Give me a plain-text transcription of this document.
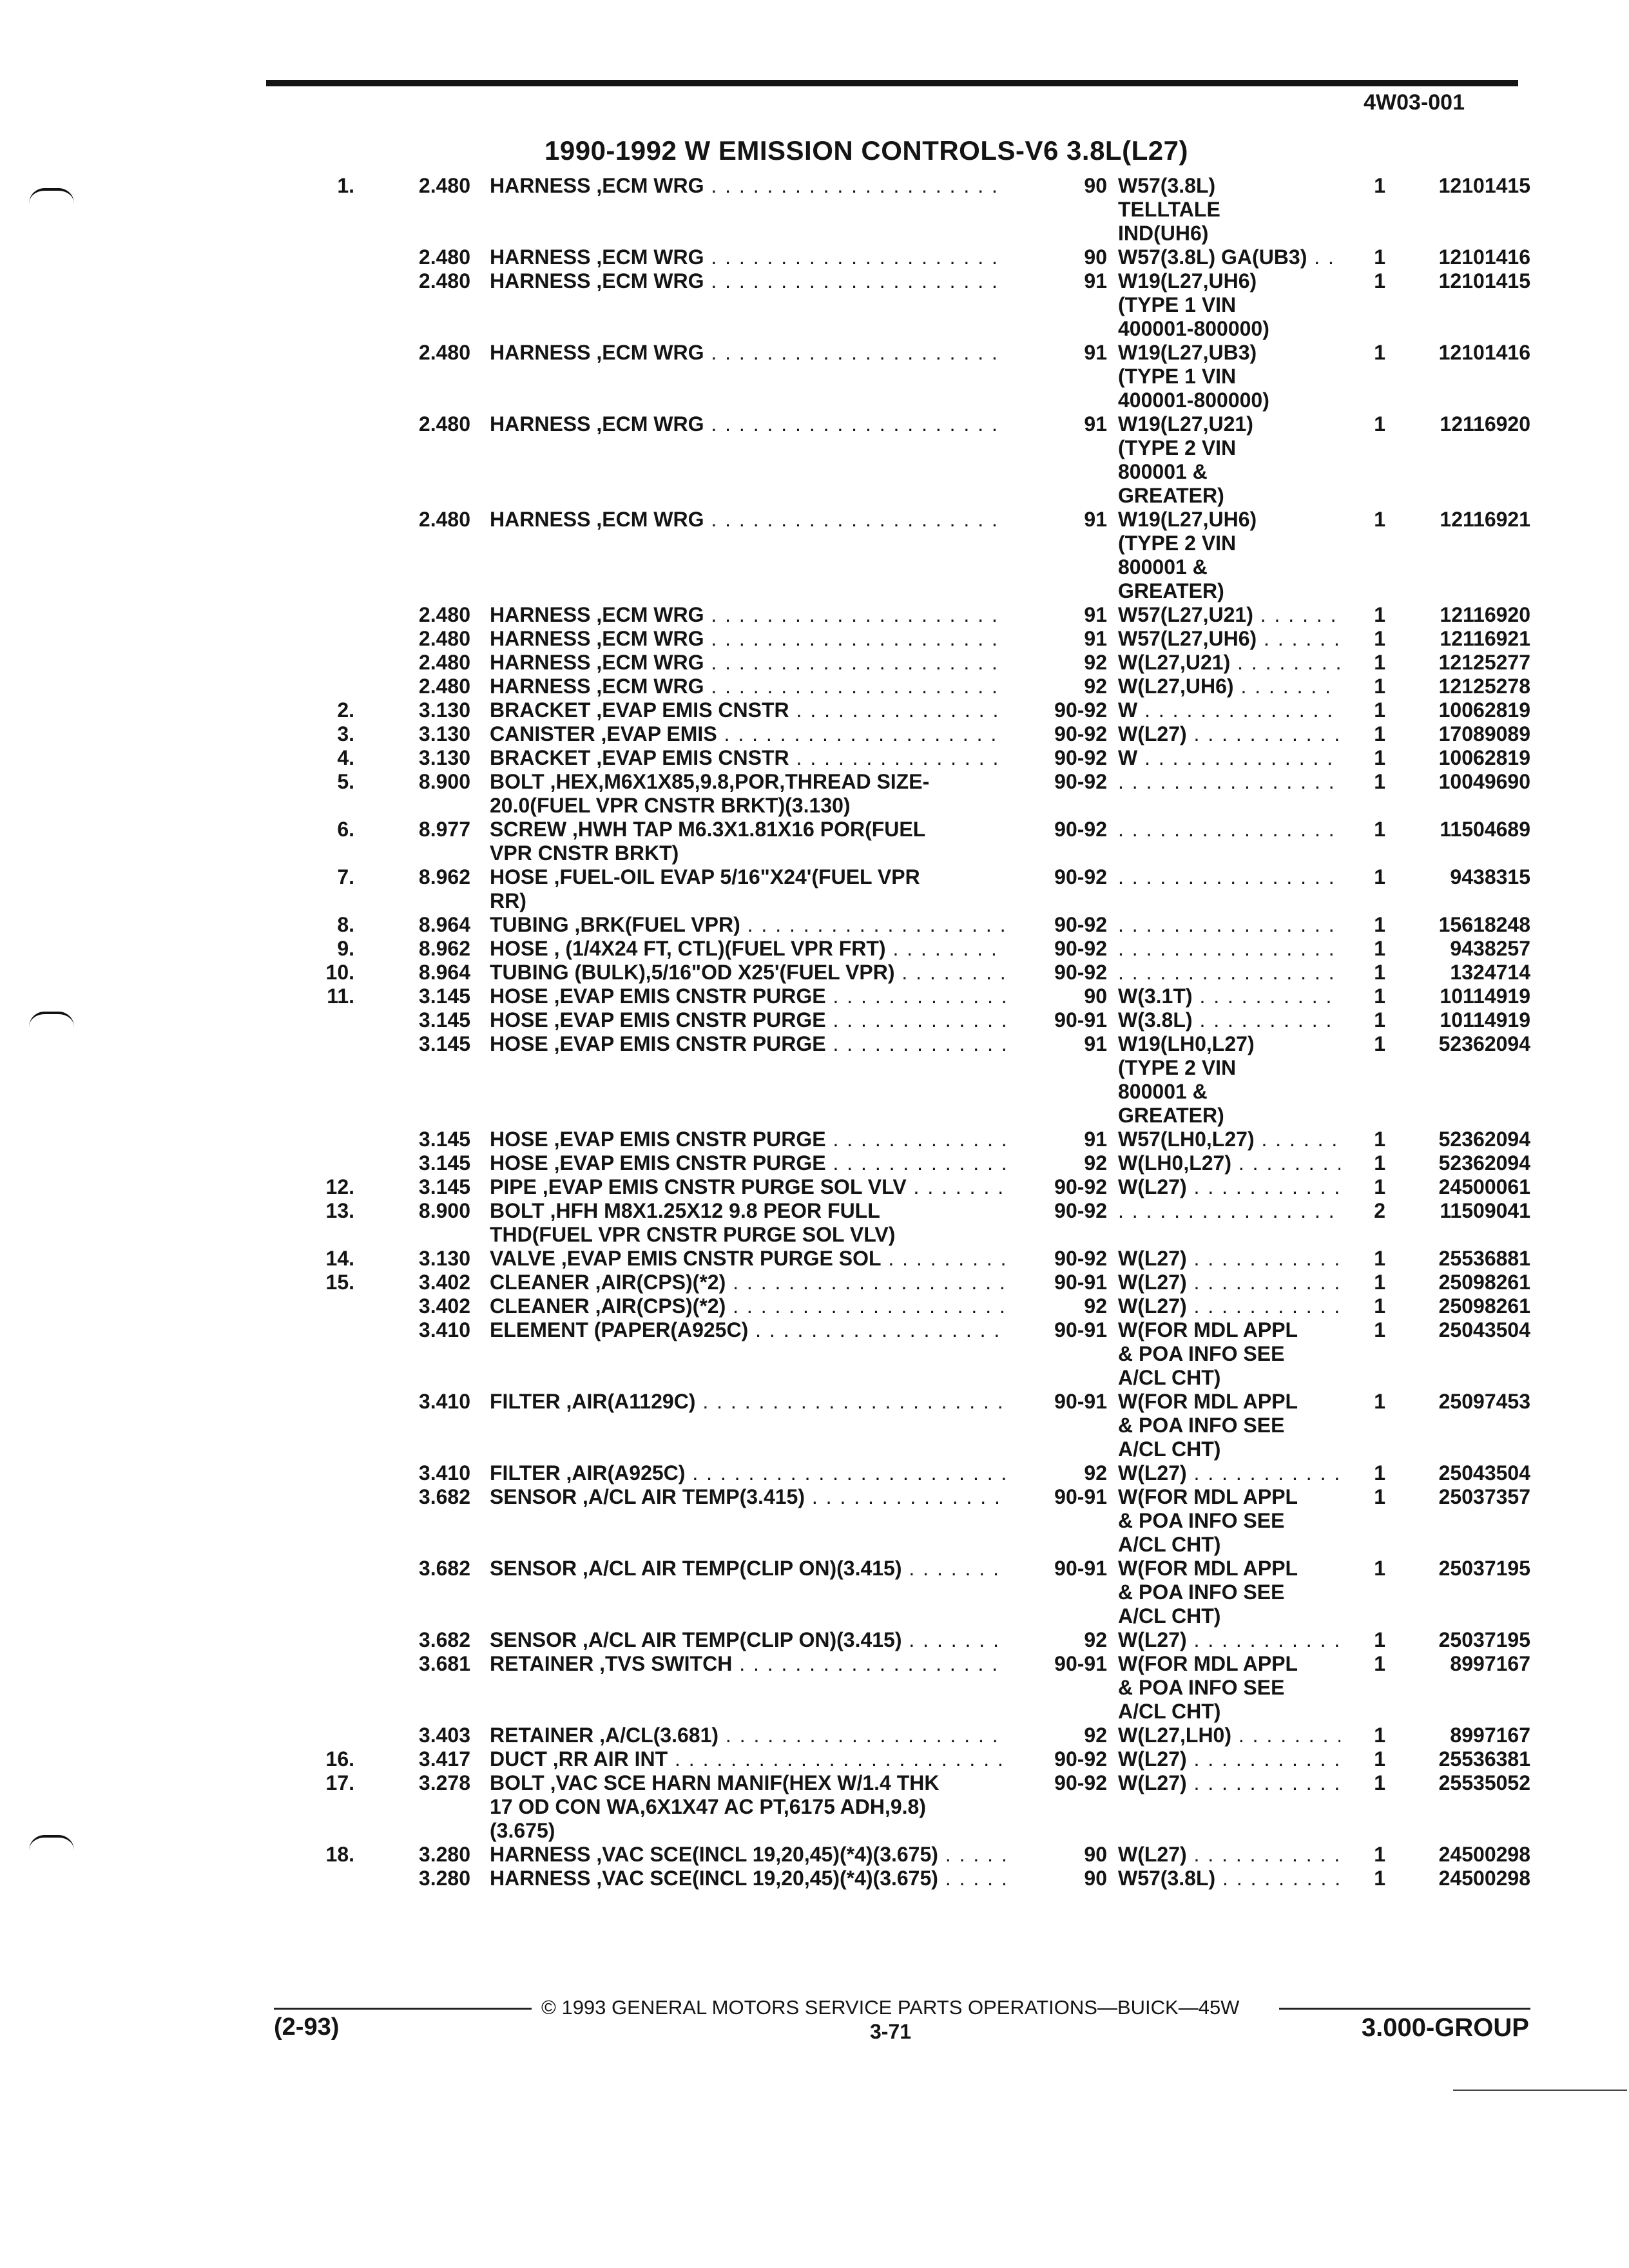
4W03-001
1990-1992 W EMISSION CONTROLS-V6 3.8L(L27)
1.	2.480 HARNESS ,ECM WRG . . .	90 W57(3.8L)
TELLTALE
IND(UH6)
1	12101415
2.480 HARNESS ,ECM WRG . . .	90 W57(3.8L) GA(UB3) . . .	1	12101416
2.480 HARNESS ,ECM WRG . . .	91 W19(L27,UH6)
(TYPE 1 VIN
400001-800000)
1	12101415
2.480 HARNESS ,ECM WRG . . .	91 W19(L27,UB3)
(TYPE 1 VIN
400001-800000)
1	12101416
2.480 HARNESS ,ECM WRG . . .	91 W19(L27,U21)
(TYPE 2 VIN
800001 &
GREATER)
1	12116920
2.480 HARNESS ,ECM WRG . . .	91 W19(L27,UH6)
(TYPE 2 VIN
800001 &
GREATER)
1	12116921
2.480 HARNESS ,ECM WRG . . .	91 W57(L27,U21) . . .	1	12116920
2.480 HARNESS ,ECM WRG . . .	91 W57(L27,UH6) . . .	1	12116921
2.480 HARNESS ,ECM WRG . . .	92 W(L27,U21) . . .	1	12125277
2.480 HARNESS ,ECM WRG . . .	92 W(L27,UH6) . . .	1	12125278
2.	3.130 BRACKET ,EVAP EMIS CNSTR . . .	90-92 W . . .	1	10062819
3.	3.130 CANISTER ,EVAP EMIS . . .	90-92 W(L27) . . .	1	17089089
4.	3.130 BRACKET ,EVAP EMIS CNSTR . . .	90-92 W . . .	1	10062819
5.	8.900 BOLT ,HEX,M6X1X85,9.8,POR,THREAD SIZE-
20.0(FUEL VPR CNSTR BRKT)(3.130)
90-92 . . .	1	10049690
6.	8.977 SCREW ,HWH TAP M6.3X1.81X16 POR(FUEL
VPR CNSTR BRKT)
90-92 . . .	1	11504689
7.	8.962 HOSE ,FUEL-OIL EVAP 5/16"X24'(FUEL VPR
RR)
90-92 . . .	1	9438315
8.	8.964 TUBING ,BRK(FUEL VPR) . . .	90-92 . . .	1	15618248
9.	8.962 HOSE , (1/4X24 FT, CTL)(FUEL VPR FRT) . . .	90-92 . . .	1	9438257
10.	8.964 TUBING (BULK),5/16"OD X25'(FUEL VPR) . . .	90-92 . . .	1	1324714
11.	3.145 HOSE ,EVAP EMIS CNSTR PURGE . . .	90 W(3.1T) . . .	1	10114919
3.145 HOSE ,EVAP EMIS CNSTR PURGE . . .	90-91 W(3.8L) . . .	1	10114919
3.145 HOSE ,EVAP EMIS CNSTR PURGE . . .	91 W19(LH0,L27)
(TYPE 2 VIN
800001 &
GREATER)
1	52362094
3.145 HOSE ,EVAP EMIS CNSTR PURGE . . .	91 W57(LH0,L27) . . .	1	52362094
3.145 HOSE ,EVAP EMIS CNSTR PURGE . . .	92 W(LH0,L27) . . .	1	52362094
12.	3.145 PIPE ,EVAP EMIS CNSTR PURGE SOL VLV . . .	90-92 W(L27) . . .	1	24500061
13.	8.900 BOLT ,HFH M8X1.25X12 9.8 PEOR FULL
THD(FUEL VPR CNSTR PURGE SOL VLV)
90-92 . . .	2	11509041
14.	3.130 VALVE ,EVAP EMIS CNSTR PURGE SOL . . .	90-92 W(L27) . . .	1	25536881
15.	3.402 CLEANER ,AIR(CPS)(*2) . . .	90-91 W(L27) . . .	1	25098261
3.402 CLEANER ,AIR(CPS)(*2) . . .	92 W(L27) . . .	1	25098261
3.410 ELEMENT (PAPER(A925C) . . .	90-91 W(FOR MDL APPL
& POA INFO SEE
A/CL CHT)
1	25043504
3.410 FILTER ,AIR(A1129C) . . .	90-91 W(FOR MDL APPL
& POA INFO SEE
A/CL CHT)
1	25097453
3.410 FILTER ,AIR(A925C) . . .	92 W(L27) . . .	1	25043504
3.682 SENSOR ,A/CL AIR TEMP(3.415) . . .	90-91 W(FOR MDL APPL
& POA INFO SEE
A/CL CHT)
1	25037357
3.682 SENSOR ,A/CL AIR TEMP(CLIP ON)(3.415) . . .	90-91 W(FOR MDL APPL
& POA INFO SEE
A/CL CHT)
1	25037195
3.682 SENSOR ,A/CL AIR TEMP(CLIP ON)(3.415) . . .	92 W(L27) . . .	1	25037195
3.681 RETAINER ,TVS SWITCH . . .	90-91 W(FOR MDL APPL
& POA INFO SEE
A/CL CHT)
1	8997167
3.403 RETAINER ,A/CL(3.681) . . .	92 W(L27,LH0) . . .	1	8997167
16.	3.417 DUCT ,RR AIR INT . . .	90-92 W(L27) . . .	1	25536381
17.	3.278 BOLT ,VAC SCE HARN MANIF(HEX W/1.4 THK
17 OD CON WA,6X1X47 AC PT,6175 ADH,9.8)
(3.675)
90-92 W(L27) . . .	1	25535052
18.	3.280 HARNESS ,VAC SCE(INCL 19,20,45)(*4)(3.675) . . .	90 W(L27) . . .	1	24500298
3.280 HARNESS ,VAC SCE(INCL 19,20,45)(*4)(3.675) . . .	90 W57(3.8L) . . .	1	24500298
© 1993 GENERAL MOTORS SERVICE PARTS OPERATIONS—BUICK—45W
(2-93)	3-71	3.000-GROUP
